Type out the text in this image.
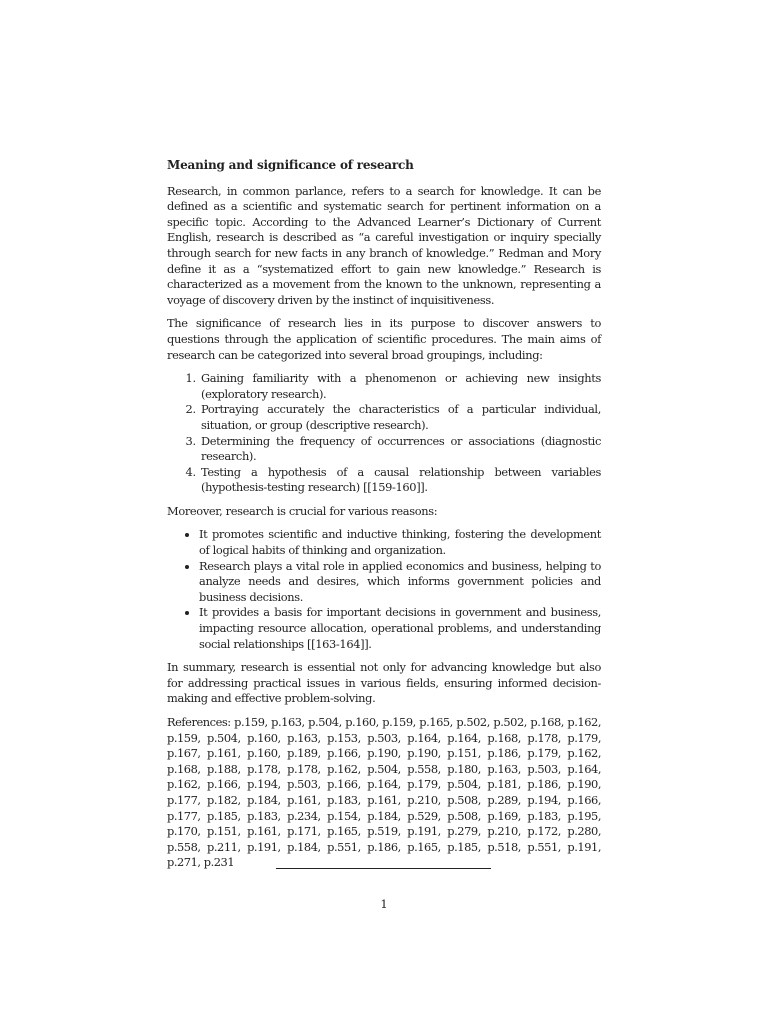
Meaning and significance of research

Research, in common parlance, refers to a search for knowledge. It can be defined as a scientific and systematic search for pertinent information on a specific topic. According to the Advanced Learner’s Dictionary of Current English, research is described as “a careful investigation or inquiry specially through search for new facts in any branch of knowledge.” Redman and Mory define it as a “systematized effort to gain new knowledge.” Research is characterized as a movement from the known to the unknown, representing a voyage of discovery driven by the instinct of inquisitiveness.

The significance of research lies in its purpose to discover answers to questions through the application of scientific procedures. The main aims of research can be categorized into several broad groupings, including:

1. Gaining familiarity with a phenomenon or achieving new insights (exploratory research).
2. Portraying accurately the characteristics of a particular individual, situation, or group (descriptive research).
3. Determining the frequency of occurrences or associations (diagnostic research).
4. Testing a hypothesis of a causal relationship between variables (hypothesis-testing research) [[159-160]].

Moreover, research is crucial for various reasons:

• It promotes scientific and inductive thinking, fostering the development of logical habits of thinking and organization.
• Research plays a vital role in applied economics and business, helping to analyze needs and desires, which informs government policies and business decisions.
• It provides a basis for important decisions in government and business, impacting resource allocation, operational problems, and understanding social relationships [[163-164]].

In summary, research is essential not only for advancing knowledge but also for addressing practical issues in various fields, ensuring informed decision-making and effective problem-solving.

References: p.159, p.163, p.504, p.160, p.159, p.165, p.502, p.502, p.168, p.162, p.159, p.504, p.160, p.163, p.153, p.503, p.164, p.164, p.168, p.178, p.179, p.167, p.161, p.160, p.189, p.166, p.190, p.190, p.151, p.186, p.179, p.162, p.168, p.188, p.178, p.178, p.162, p.504, p.558, p.180, p.163, p.503, p.164, p.162, p.166, p.194, p.503, p.166, p.164, p.179, p.504, p.181, p.186, p.190, p.177, p.182, p.184, p.161, p.183, p.161, p.210, p.508, p.289, p.194, p.166, p.177, p.185, p.183, p.234, p.154, p.184, p.529, p.508, p.169, p.183, p.195, p.170, p.151, p.161, p.171, p.165, p.519, p.191, p.279, p.210, p.172, p.280, p.558, p.211, p.191, p.184, p.551, p.186, p.165, p.185, p.518, p.551, p.191, p.271, p.231

1
